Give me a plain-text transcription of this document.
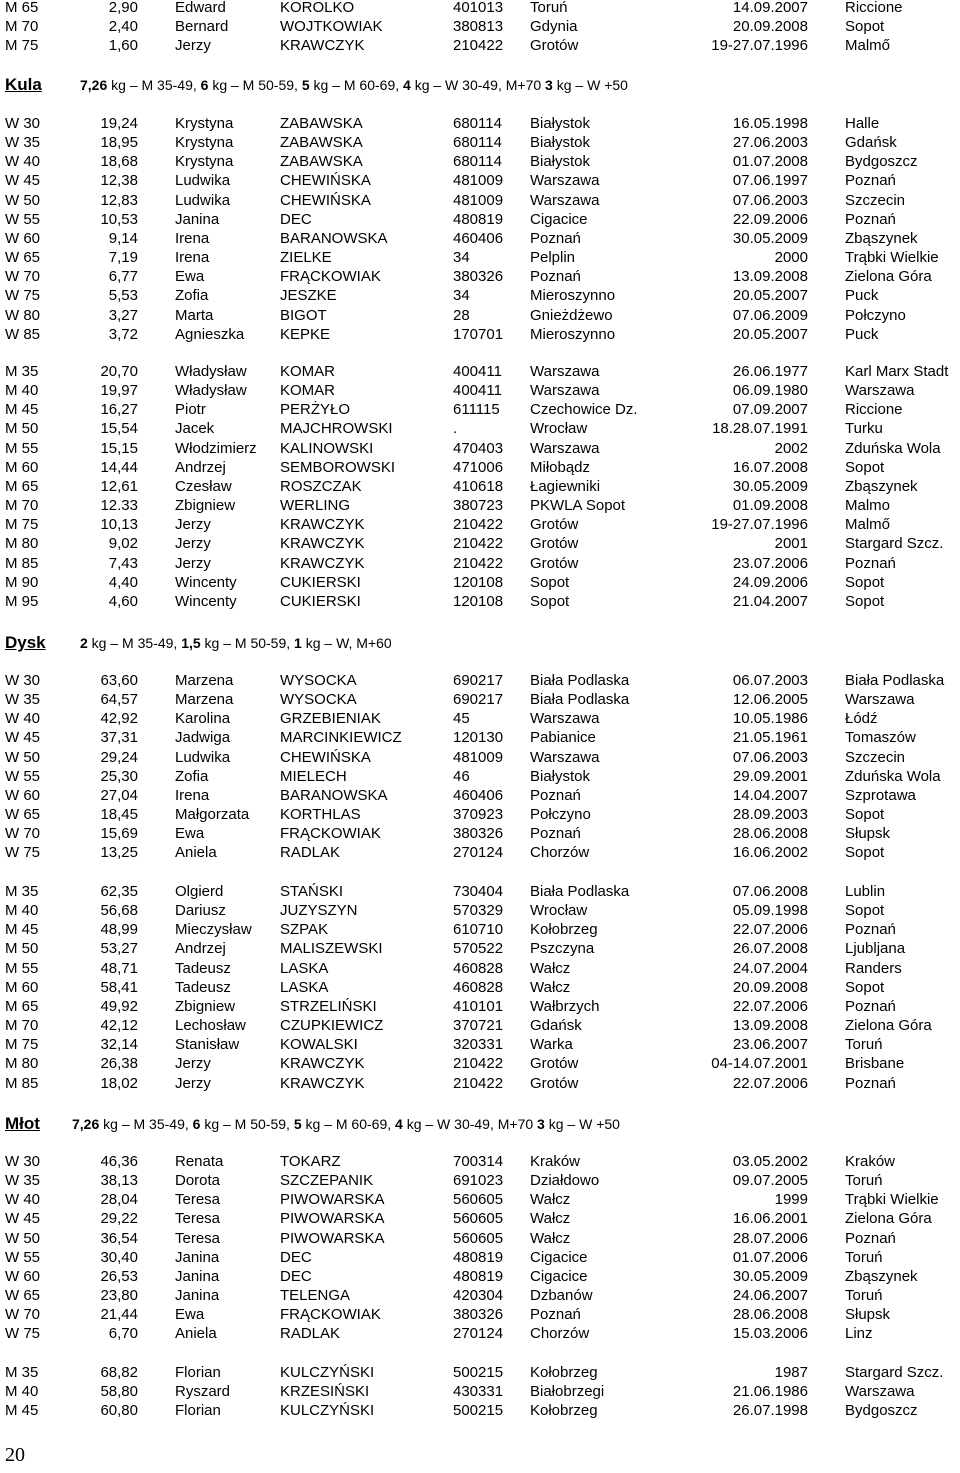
M 65	2,90 Edward	KOROLKO	401013 Toruń	14.09.2007 Riccione
M 70	2,40 Bernard	WOJTKOWIAK	380813 Gdynia	20.09.2008 Sopot
M 75	1,60 Jerzy	KRAWCZYK	210422 Grotów	19-27.07.1996 Malmő
Kula	7,26 kg – M 35-49, 6 kg – M 50-59, 5 kg – M 60-69, 4 kg – W 30-49, M+70 3 kg – W +50
W 30	19,24 Krystyna	ZABAWSKA	680114 Białystok	16.05.1998 Halle
W 35	18,95 Krystyna	ZABAWSKA	680114 Białystok	27.06.2003 Gdańsk
W 40	18,68 Krystyna	ZABAWSKA	680114 Białystok	01.07.2008 Bydgoszcz
W 45	12,38 Ludwika	CHEWIŃSKA	481009 Warszawa	07.06.1997 Poznań
W 50	12,83 Ludwika	CHEWIŃSKA	481009 Warszawa	07.06.2003 Szczecin
W 55	10,53 Janina	DEC	480819 Cigacice	22.09.2006 Poznań
W 60	9,14 Irena	BARANOWSKA	460406 Poznań	30.05.2009 Zbąszynek
W 65	7,19 Irena	ZIELKE	34	Pelplin	2000 Trąbki Wielkie
W 70	6,77 Ewa	FRĄCKOWIAK	380326 Poznań	13.09.2008 Zielona Góra
W 75	5,53 Zofia	JESZKE	34	Mieroszynno	20.05.2007 Puck
W 80	3,27 Marta	BIGOT	28	Gnieżdżewo	07.06.2009 Połczyno
W 85	3,72 Agnieszka KEPKE	170701 Mieroszynno	20.05.2007 Puck
M 35	20,70 Władysław KOMAR	400411 Warszawa	26.06.1977 Karl Marx Stadt
M 40	19,97 Władysław KOMAR	400411 Warszawa	06.09.1980 Warszawa
M 45	16,27 Piotr	PERŻYŁO	611115 Czechowice Dz.	07.09.2007 Riccione
M 50	15,54 Jacek	MAJCHROWSKI	.	Wrocław	18.28.07.1991 Turku
M 55	15,15 Włodzimierz KALINOWSKI	470403 Warszawa	2002 Zduńska Wola
M 60	14,44 Andrzej	SEMBOROWSKI	471006 Miłobądz	16.07.2008 Sopot
M 65	12,61 Czesław	ROSZCZAK	410618 Łagiewniki	30.05.2009 Zbąszynek
M 70	12.33 Zbigniew	WERLING	380723 PKWLA Sopot	01.09.2008 Malmo
M 75	10,13 Jerzy	KRAWCZYK	210422 Grotów	19-27.07.1996 Malmő
M 80	9,02 Jerzy	KRAWCZYK	210422 Grotów	2001 Stargard Szcz.
M 85	7,43 Jerzy	KRAWCZYK	210422 Grotów	23.07.2006 Poznań
M 90	4,40 Wincenty	CUKIERSKI	120108 Sopot	24.09.2006 Sopot
M 95	4,60 Wincenty	CUKIERSKI	120108 Sopot	21.04.2007 Sopot
Dysk 2 kg – M 35-49, 1,5 kg – M 50-59, 1 kg – W, M+60
W 30	63,60 Marzena	WYSOCKA	690217 Biała Podlaska	06.07.2003 Biała Podlaska
W 35	64,57 Marzena	WYSOCKA	690217 Biała Podlaska	12.06.2005 Warszawa
W 40	42,92 Karolina	GRZEBIENIAK	45	Warszawa	10.05.1986 Łódź
W 45	37,31 Jadwiga	MARCINKIEWICZ	120130 Pabianice	21.05.1961 Tomaszów
W 50	29,24 Ludwika	CHEWIŃSKA	481009 Warszawa	07.06.2003 Szczecin
W 55	25,30 Zofia	MIELECH	46	Białystok	29.09.2001 Zduńska Wola
W 60	27,04 Irena	BARANOWSKA	460406 Poznań	14.04.2007 Szprotawa
W 65	18,45 Małgorzata KORTHLAS	370923 Połczyno	28.09.2003 Sopot
W 70	15,69 Ewa	FRĄCKOWIAK	380326 Poznań	28.06.2008 Słupsk
W 75	13,25 Aniela	RADLAK	270124 Chorzów	16.06.2002 Sopot
M 35	62,35 Olgierd	STAŃSKI	730404 Biała Podlaska	07.06.2008 Lublin
M 40	56,68 Dariusz	JUZYSZYN	570329 Wrocław	05.09.1998 Sopot
M 45	48,99 Mieczysław SZPAK	610710 Kołobrzeg	22.07.2006 Poznań
M 50	53,27 Andrzej	MALISZEWSKI	570522 Pszczyna	26.07.2008 Ljubljana
M 55	48,71 Tadeusz	LASKA	460828 Wałcz	24.07.2004 Randers
M 60	58,41 Tadeusz	LASKA	460828 Wałcz	20.09.2008 Sopot
M 65	49,92 Zbigniew	STRZELIŃSKI	410101 Wałbrzych	22.07.2006 Poznań
M 70	42,12 Lechosław CZUPKIEWICZ	370721 Gdańsk	13.09.2008 Zielona Góra
M 75	32,14 Stanisław	KOWALSKI	320331 Warka	23.06.2007 Toruń
M 80	26,38 Jerzy	KRAWCZYK	210422 Grotów	04-14.07.2001 Brisbane
M 85	18,02 Jerzy	KRAWCZYK	210422 Grotów	22.07.2006 Poznań
Młot 7,26 kg – M 35-49, 6 kg – M 50-59, 5 kg – M 60-69, 4 kg – W 30-49, M+70 3 kg – W +50
W 30	46,36 Renata	TOKARZ	700314 Kraków	03.05.2002 Kraków
W 35	38,13 Dorota	SZCZEPANIK	691023 Działdowo	09.07.2005 Toruń
W 40	28,04 Teresa	PIWOWARSKA	560605 Wałcz	1999 Trąbki Wielkie
W 45	29,22 Teresa	PIWOWARSKA	560605 Wałcz	16.06.2001 Zielona Góra
W 50	36,54 Teresa	PIWOWARSKA	560605 Wałcz	28.07.2006 Poznań
W 55	30,40 Janina	DEC	480819 Cigacice	01.07.2006 Toruń
W 60	26,53 Janina	DEC	480819 Cigacice	30.05.2009 Zbąszynek
W 65	23,80 Janina	TELENGA	420304 Dzbanów	24.06.2007 Toruń
W 70	21,44 Ewa	FRĄCKOWIAK	380326 Poznań	28.06.2008 Słupsk
W 75	6,70 Aniela	RADLAK	270124 Chorzów	15.03.2006 Linz
M 35	68,82 Florian	KULCZYŃSKI	500215 Kołobrzeg	1987 Stargard Szcz.
M 40	58,80 Ryszard	KRZESIŃSKI	430331 Białobrzegi	21.06.1986 Warszawa
M 45	60,80 Florian	KULCZYŃSKI	500215 Kołobrzeg	26.07.1998 Bydgoszcz
20
